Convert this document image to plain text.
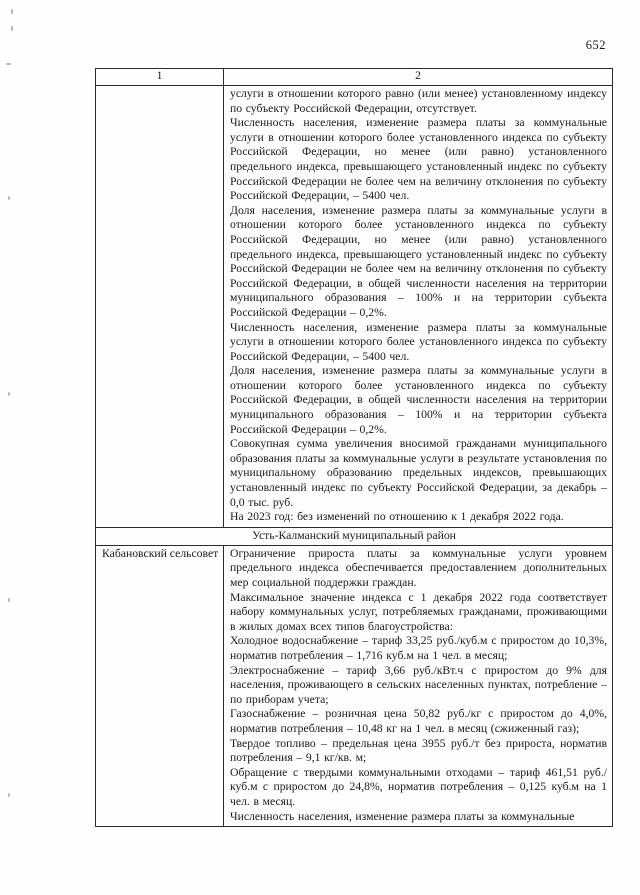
652
1	2

услуги в отношении которого равно (или менее) установленному индексу по субъекту Российской Федерации, отсутствует.

Численность населения, изменение размера платы за коммунальные услуги в отношении которого более установленного индекса по субъекту Российской Федерации, но менее (или равно) установленного предельного индекса, превышающего установленный индекс по субъекту Российской Федерации не более чем на величину отклонения по субъекту Российской Федерации, – 5400 чел.

Доля населения, изменение размера платы за коммунальные услуги в отношении которого более установленного индекса по субъекту Российской Федерации, но менее (или равно) установленного предельного индекса, превышающего установленный индекс по субъекту Российской Федерации не более чем на величину отклонения по субъекту Российской Федерации, в общей численности населения на территории муниципального образования – 100% и на территории субъекта Российской Федерации – 0,2%.

Численность населения, изменение размера платы за коммунальные услуги в отношении которого более установленного индекса по субъекту Российской Федерации, – 5400 чел.

Доля населения, изменение размера платы за коммунальные услуги в отношении которого более установленного индекса по субъекту Российской Федерации, в общей численности населения на территории муниципального образования – 100% и на территории субъекта Российской Федерации – 0,2%.

Совокупная сумма увеличения вносимой гражданами муниципального образования платы за коммунальные услуги в результате установления по муниципальному образованию предельных индексов, превышающих установленный индекс по субъекту Российской Федерации, за декабрь – 0,0 тыс. руб.

На 2023 год: без изменений по отношению к 1 декабря 2022 года.

Усть-Калманский муниципальный район	
Кабановский сельсовет	Ограничение прироста платы за коммунальные услуги уровнем предельного индекса обеспечивается предоставлением дополнительных мер социальной поддержки граждан.

Максимальное значение индекса с 1 декабря 2022 года соответствует набору коммунальных услуг, потребляемых гражданами, проживающими в жилых домах всех типов благоустройства:

Холодное водоснабжение – тариф 33,25 руб./куб.м с приростом до 10,3%, норматив потребления – 1,716 куб.м на 1 чел. в месяц;

Электроснабжение – тариф 3,66 руб./кВт.ч с приростом до 9% для населения, проживающего в сельских населенных пунктах, потребление – по приборам учета;

Газоснабжение – розничная цена 50,82 руб./кг с приростом до 4,0%, норматив потребления – 10,48 кг на 1 чел. в месяц (сжиженный газ);

Твердое топливо – предельная цена 3955 руб./т без прироста, норматив потребления – 9,1 кг/кв. м;

Обращение с твердыми коммунальными отходами – тариф 461,51 руб./куб.м с приростом до 24,8%, норматив потребления – 0,125 куб.м на 1 чел. в месяц.

Численность населения, изменение размера платы за коммунальные
